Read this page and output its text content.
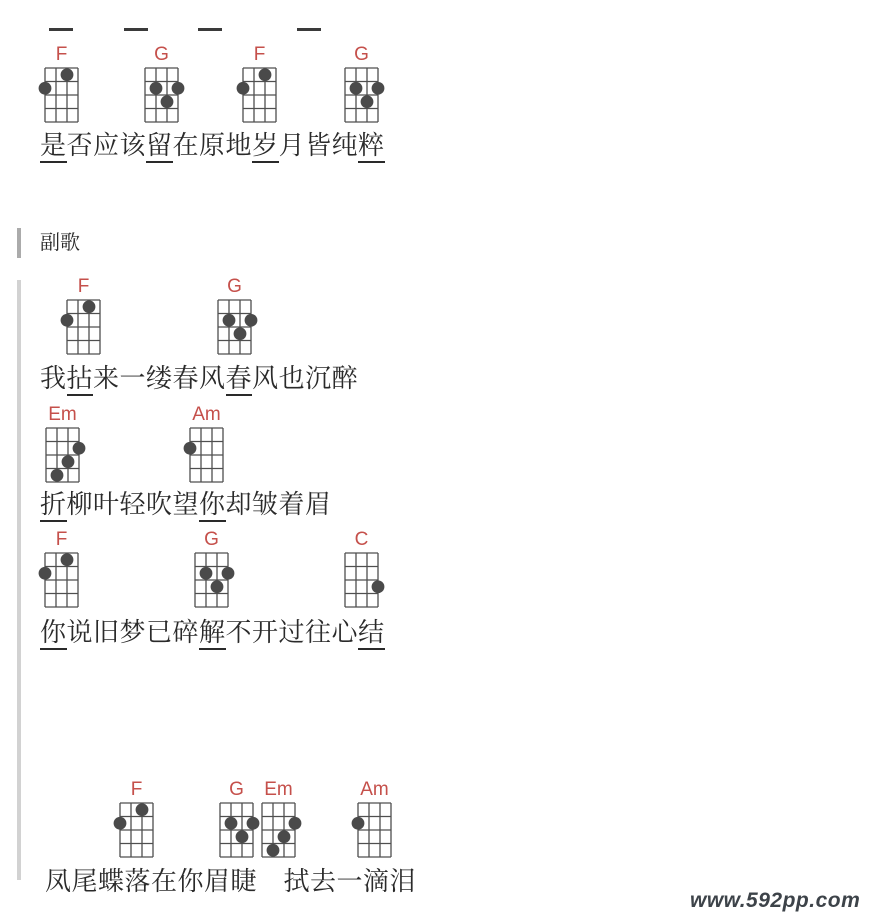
副歌
F	G	F	G
是否应该留在原地岁月皆纯粹
F	G
我拈来一缕春风春风也沉醉
Em	Am
折柳叶轻吹望你却皱着眉
F	G	C
你说旧梦已碎解不开过往心结
F	G	Em	Am
凤尾蝶落在你眉睫　拭去一滴泪
www.592pp.com
